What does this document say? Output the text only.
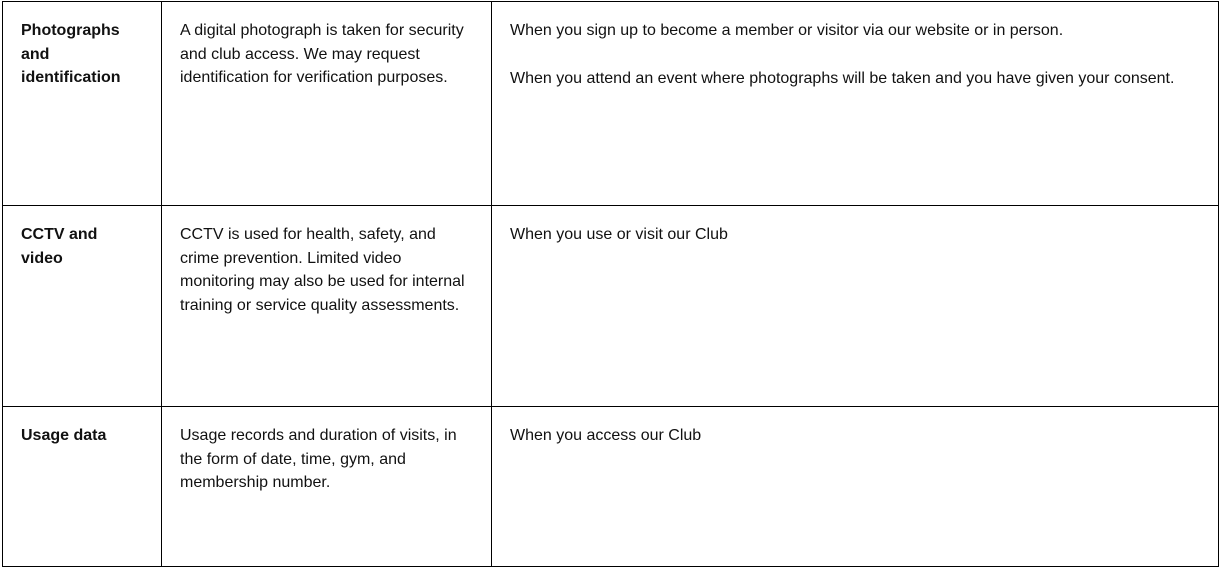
Photographs and identification	A digital photograph is taken for security and club access. We may request identification for verification purposes.	When you sign up to become a member or visitor via our website or in person.
When you attend an event where photographs will be taken and you have given your consent.

CCTV and video	CCTV is used for health, safety, and crime prevention. Limited video monitoring may also be used for internal training or service quality assessments.	When you use or visit our Club

Usage data	Usage records and duration of visits, in the form of date, time, gym, and membership number.	When you access our Club
